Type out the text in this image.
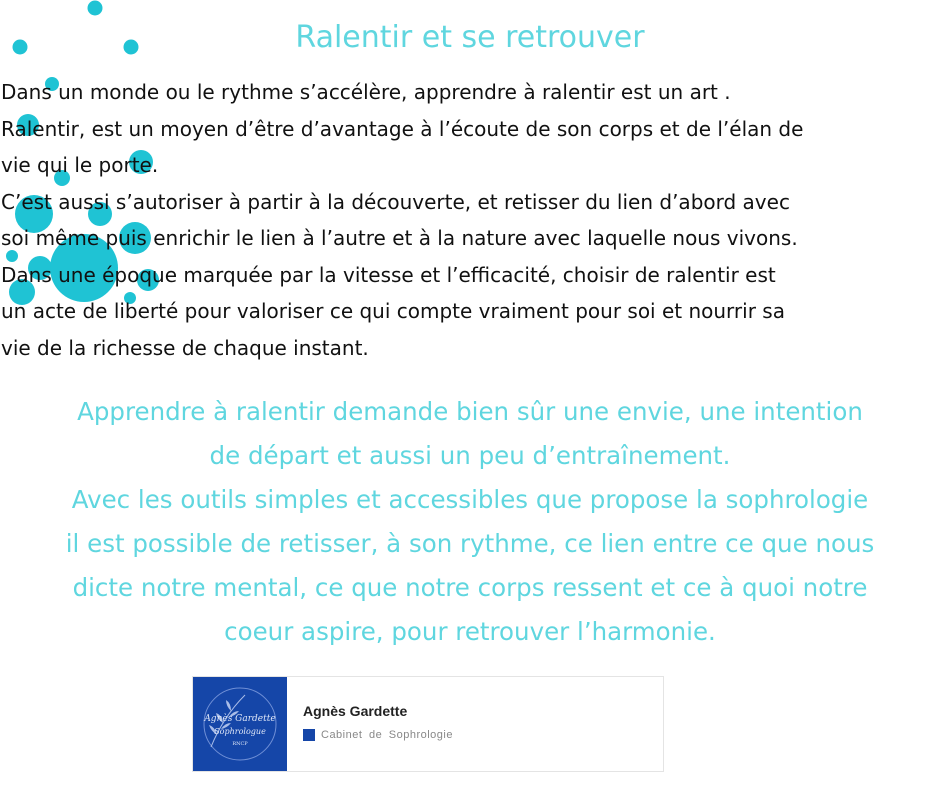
Ralentir et se retrouver

Dans un monde ou le rythme s’accélère, apprendre à ralentir est un art .

Ralentir, est un moyen d’être d’avantage à l’écoute de son corps et de l’élan de

vie qui le porte.

C’est aussi s’autoriser à partir à la découverte, et retisser du lien d’abord avec

soi même puis enrichir le lien à l’autre et à la nature avec laquelle nous vivons.

Dans une époque marquée par la vitesse et l’efficacité, choisir de ralentir est

un acte de liberté pour valoriser ce qui compte vraiment pour soi et nourrir sa

vie de la richesse de chaque instant.

Apprendre à ralentir demande bien sûr une envie, une intention

de départ et aussi un peu d’entraînement.

Avec les outils simples et accessibles que propose la sophrologie

il est possible de retisser, à son rythme, ce lien entre ce que nous

dicte notre mental, ce que notre corps ressent et ce à quoi notre

coeur aspire, pour retrouver l’harmonie.

Agnès Gardette
Sophrologue
RNCP
Agnès Gardette
Cabinet de Sophrologie
